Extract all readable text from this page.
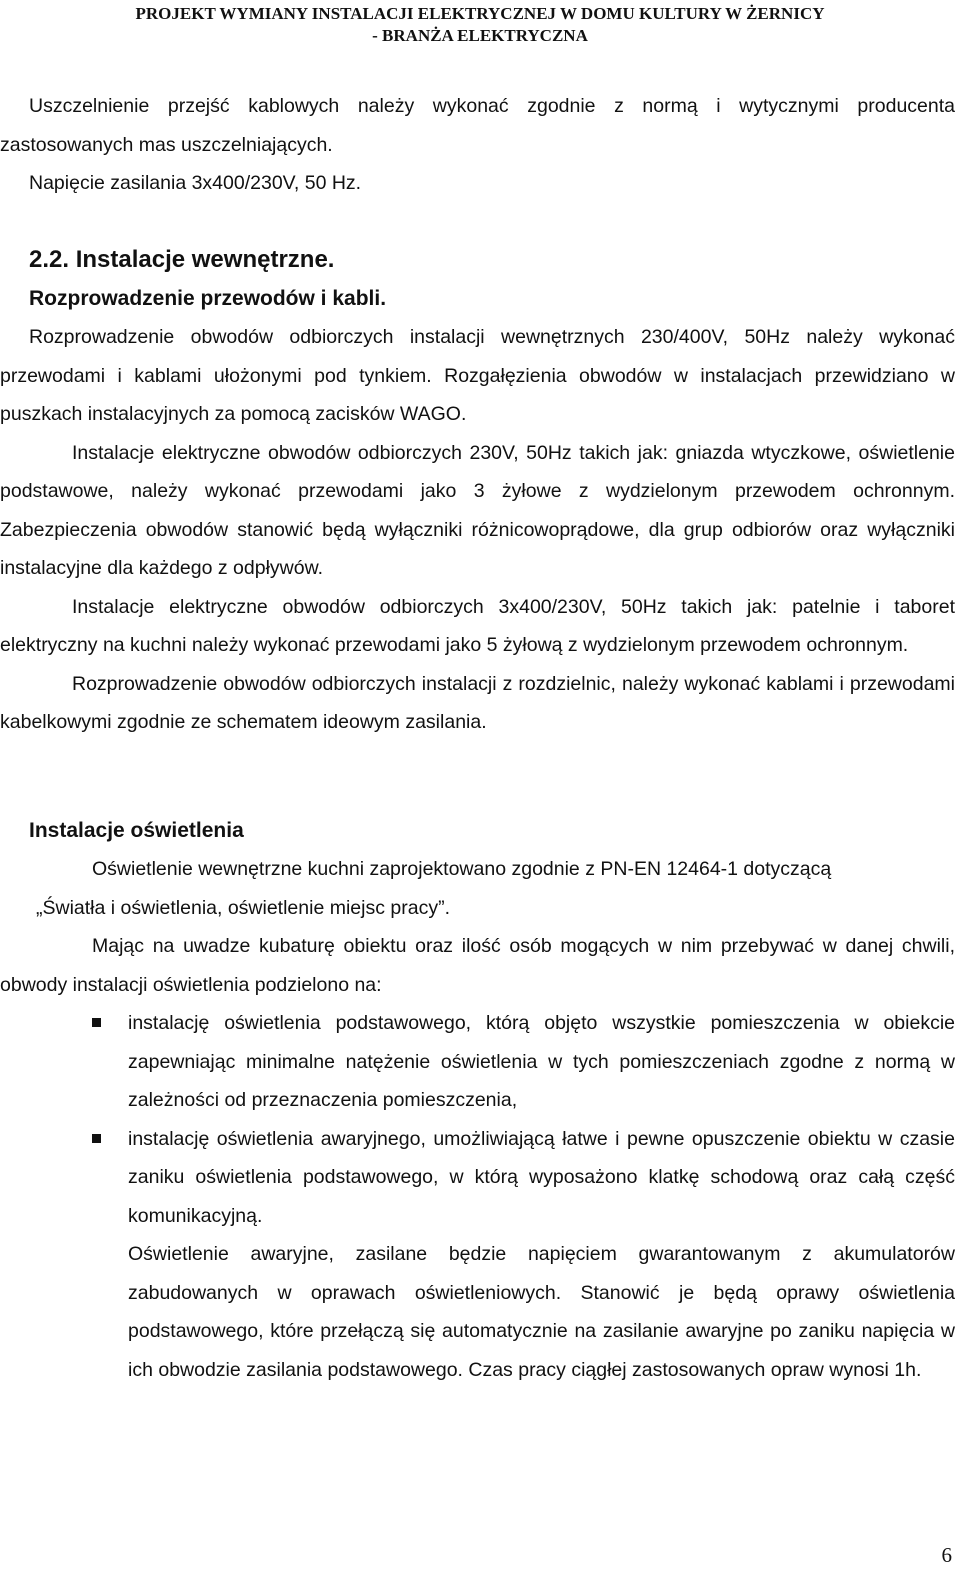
PROJEKT WYMIANY INSTALACJI ELEKTRYCZNEJ W DOMU KULTURY W ŻERNICY
- BRANŻA ELEKTRYCZNA

Uszczelnienie przejść kablowych należy wykonać zgodnie z normą i wytycznymi producenta zastosowanych mas uszczelniających.

Napięcie zasilania 3x400/230V, 50 Hz.

2.2. Instalacje wewnętrzne.

Rozprowadzenie przewodów i kabli.

Rozprowadzenie obwodów odbiorczych instalacji wewnętrznych 230/400V, 50Hz należy wykonać przewodami i kablami ułożonymi pod tynkiem. Rozgałęzienia obwodów w instalacjach przewidziano w puszkach instalacyjnych za pomocą zacisków WAGO.

Instalacje elektryczne obwodów odbiorczych 230V, 50Hz takich jak: gniazda wtyczkowe, oświetlenie podstawowe, należy wykonać przewodami jako 3 żyłowe z wydzielonym przewodem ochronnym. Zabezpieczenia obwodów stanowić będą wyłączniki różnicowoprądowe, dla grup odbiorów oraz wyłączniki instalacyjne dla każdego z odpływów.

Instalacje elektryczne obwodów odbiorczych 3x400/230V, 50Hz takich jak: patelnie i taboret elektryczny na kuchni należy wykonać przewodami jako 5 żyłową z wydzielonym przewodem ochronnym.

Rozprowadzenie obwodów odbiorczych instalacji z rozdzielnic, należy wykonać kablami i przewodami kabelkowymi zgodnie ze schematem ideowym zasilania.

Instalacje oświetlenia

Oświetlenie wewnętrzne kuchni zaprojektowano zgodnie z PN-EN 12464-1 dotyczącą

„Światła i oświetlenia, oświetlenie miejsc pracy”.

Mając na uwadze kubaturę obiektu oraz ilość osób mogących w nim przebywać w danej chwili, obwody instalacji oświetlenia podzielono na:

instalację oświetlenia podstawowego, którą objęto wszystkie pomieszczenia w obiekcie zapewniając minimalne natężenie oświetlenia w tych pomieszczeniach zgodne z normą w zależności od przeznaczenia pomieszczenia,
instalację oświetlenia awaryjnego, umożliwiającą łatwe i pewne opuszczenie obiektu w czasie zaniku oświetlenia podstawowego, w którą wyposażono klatkę schodową oraz całą część komunikacyjną.

Oświetlenie awaryjne, zasilane będzie napięciem gwarantowanym z akumulatorów zabudowanych w oprawach oświetleniowych. Stanowić je będą oprawy oświetlenia podstawowego, które przełączą się automatycznie na zasilanie awaryjne po zaniku napięcia w ich obwodzie zasilania podstawowego. Czas pracy ciągłej zastosowanych opraw wynosi 1h.

6
